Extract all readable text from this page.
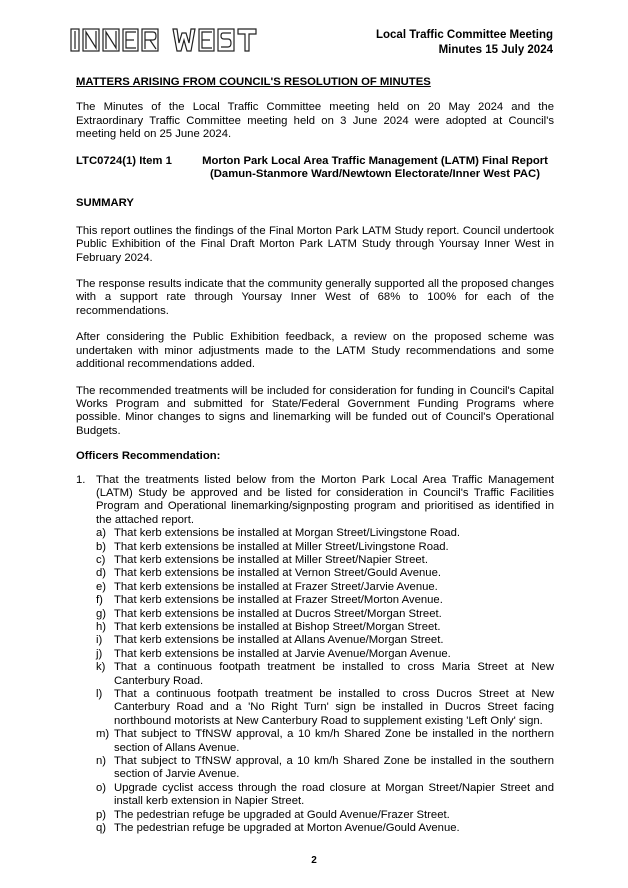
Local Traffic Committee Meeting
Minutes 15 July 2024
MATTERS ARISING FROM COUNCIL'S RESOLUTION OF MINUTES

The Minutes of the Local Traffic Committee meeting held on 20 May 2024 and the Extraordinary Traffic Committee meeting held on 3 June 2024 were adopted at Council's meeting held on 25 June 2024.

LTC0724(1) Item 1	Morton Park Local Area Traffic Management (LATM) Final Report
(Damun-Stanmore Ward/Newtown Electorate/Inner West PAC)
SUMMARY

This report outlines the findings of the Final Morton Park LATM Study report. Council undertook Public Exhibition of the Final Draft Morton Park LATM Study through Yoursay Inner West in February 2024.

The response results indicate that the community generally supported all the proposed changes with a support rate through Yoursay Inner West of 68% to 100% for each of the recommendations.

After considering the Public Exhibition feedback, a review on the proposed scheme was undertaken with minor adjustments made to the LATM Study recommendations and some additional recommendations added.

The recommended treatments will be included for consideration for funding in Council's Capital Works Program and submitted for State/Federal Government Funding Programs where possible. Minor changes to signs and linemarking will be funded out of Council's Operational Budgets.

Officers Recommendation:
1. That the treatments listed below from the Morton Park Local Area Traffic Management (LATM) Study be approved and be listed for consideration in Council's Traffic Facilities Program and Operational linemarking/signposting program and prioritised as identified in the attached report.

a) That kerb extensions be installed at Morgan Street/Livingstone Road.
b) That kerb extensions be installed at Miller Street/Livingstone Road.
c) That kerb extensions be installed at Miller Street/Napier Street.
d) That kerb extensions be installed at Vernon Street/Gould Avenue.
e) That kerb extensions be installed at Frazer Street/Jarvie Avenue.
f) That kerb extensions be installed at Frazer Street/Morton Avenue.
g) That kerb extensions be installed at Ducros Street/Morgan Street.
h) That kerb extensions be installed at Bishop Street/Morgan Street.
i)	That kerb extensions be installed at Allans Avenue/Morgan Street.
j)	That kerb extensions be installed at Jarvie Avenue/Morgan Avenue.
k) That a continuous footpath treatment be installed to cross Maria Street at New Canterbury Road.
l)	That a continuous footpath treatment be installed to cross Ducros Street at New Canterbury Road and a 'No Right Turn' sign be installed in Ducros Street facing northbound motorists at New Canterbury Road to supplement existing 'Left Only' sign.
m) That subject to TfNSW approval, a 10 km/h Shared Zone be installed in the northern section of Allans Avenue.
n) That subject to TfNSW approval, a 10 km/h Shared Zone be installed in the southern section of Jarvie Avenue.
o) Upgrade cyclist access through the road closure at Morgan Street/Napier Street and install kerb extension in Napier Street.
p) The pedestrian refuge be upgraded at Gould Avenue/Frazer Street.
q) The pedestrian refuge be upgraded at Morton Avenue/Gould Avenue.
2
